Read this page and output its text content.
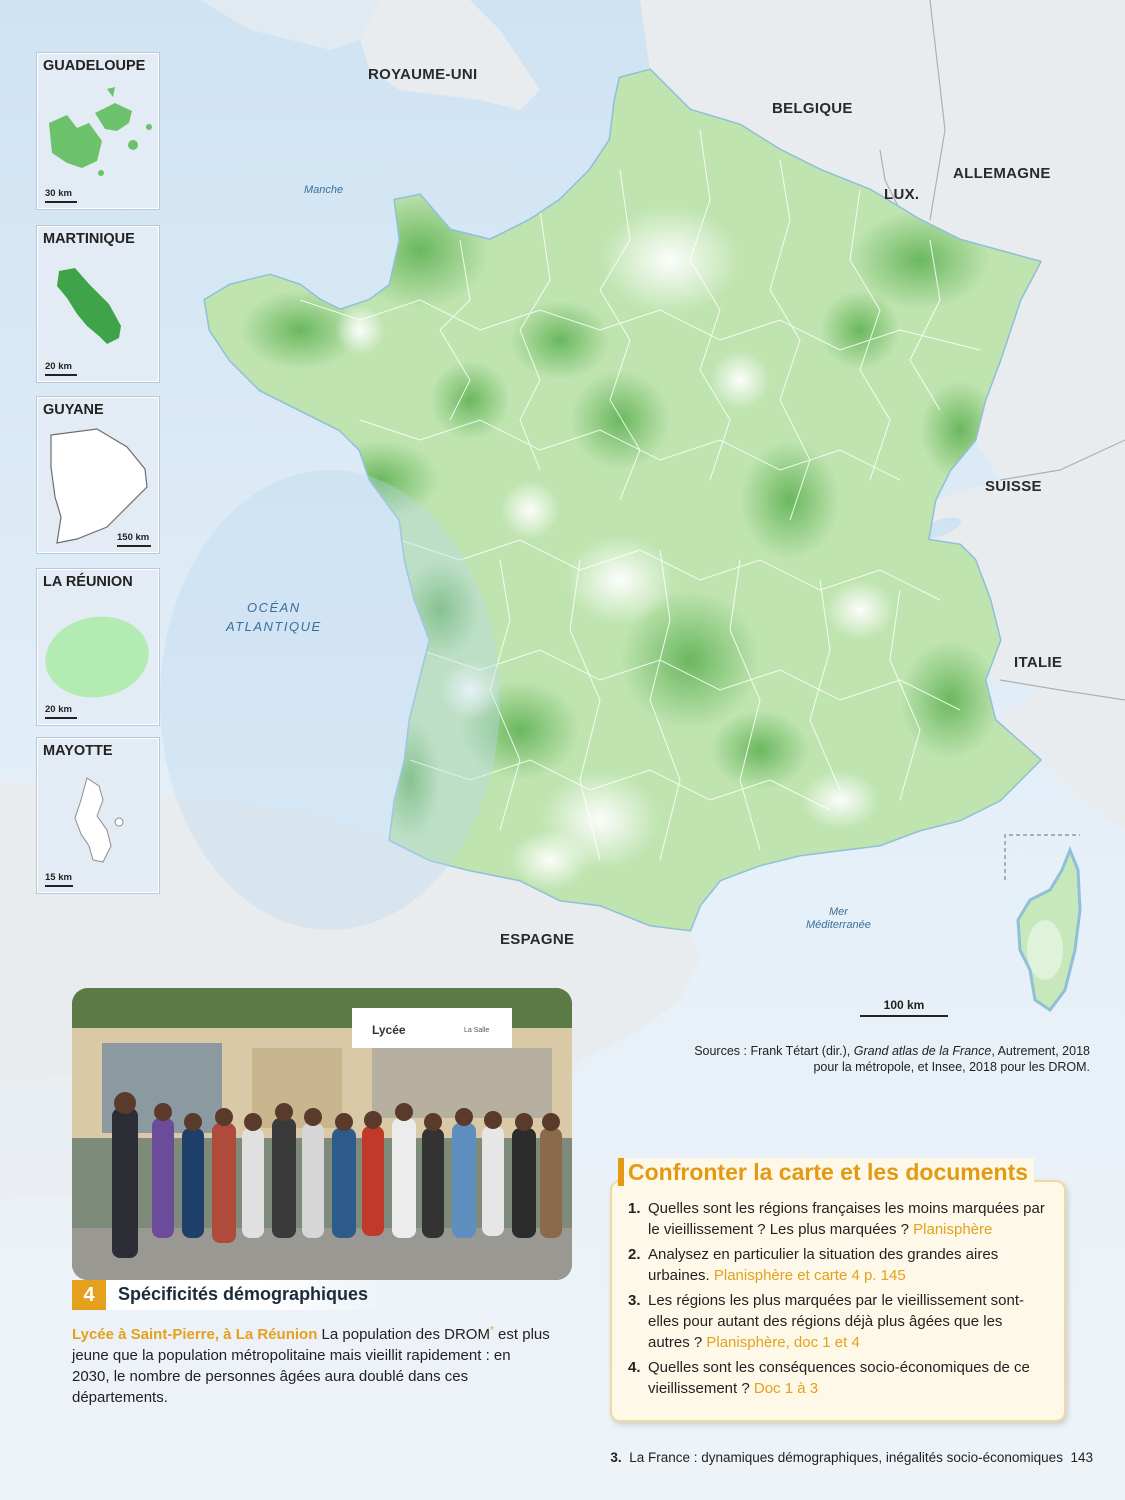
ROYAUME-UNI
BELGIQUE
LUX.
ALLEMAGNE
SUISSE
ITALIE
ESPAGNE
Manche
OCÉAN
ATLANTIQUE
Mer
Méditerranée
GUADELOUPE
30 km
MARTINIQUE
20 km
GUYANE
150 km
LA RÉUNION
20 km
MAYOTTE
15 km
100 km
Sources : Frank Tétart (dir.), Grand atlas de la France, Autrement, 2018
pour la métropole, et Insee, 2018 pour les DROM.
Lycée	La Salle
4	Spécificités démographiques
Lycée à Saint-Pierre, à La Réunion La population des DROM* est plus jeune que la population métropolitaine mais vieillit rapidement : en 2030, le nombre de personnes âgées aura doublé dans ces départements.
Confronter la carte et les documents
1. Quelles sont les régions françaises les moins marquées par le vieillissement ? Les plus marquées ? Planisphère
2. Analysez en particulier la situation des grandes aires urbaines. Planisphère et carte 4 p. 145
3. Les régions les plus marquées par le vieillissement sont-elles pour autant des régions déjà plus âgées que les autres ? Planisphère, doc 1 et 4
4. Quelles sont les conséquences socio-économiques de ce vieillissement ? Doc 1 à 3
3. La France : dynamiques démographiques, inégalités socio-économiques 143
